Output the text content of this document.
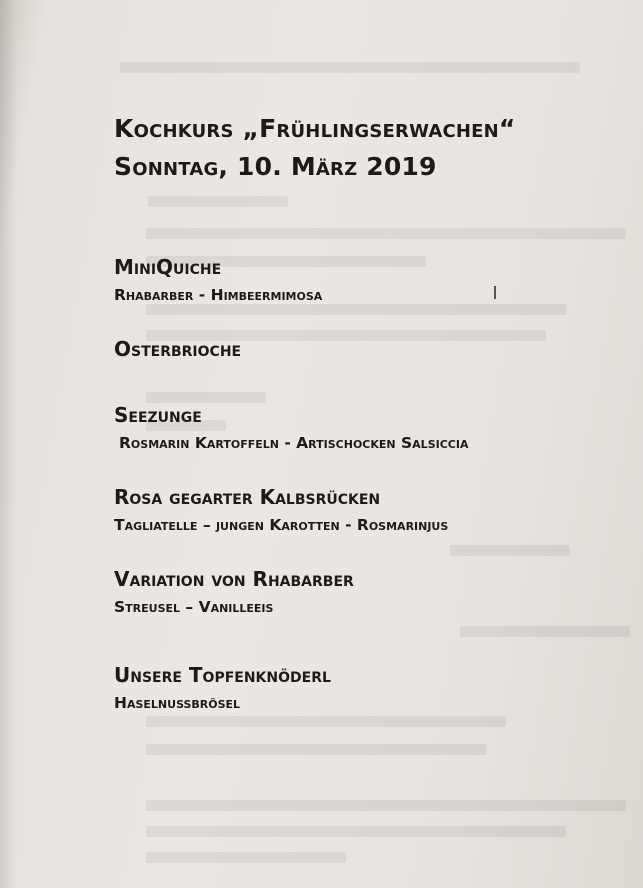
Kochkurs „Frühlingserwachen“

Sonntag, 10. März 2019

MiniQuiche

Rhabarber - Himbeermimosa

Osterbrioche

Seezunge

Rosmarin Kartoffeln - Artischocken Salsiccia

Rosa gegarter Kalbsrücken

Tagliatelle – jungen Karotten - Rosmarinjus

Variation von Rhabarber

Streusel – Vanilleeis

Unsere Topfenknöderl

Haselnussbrösel
